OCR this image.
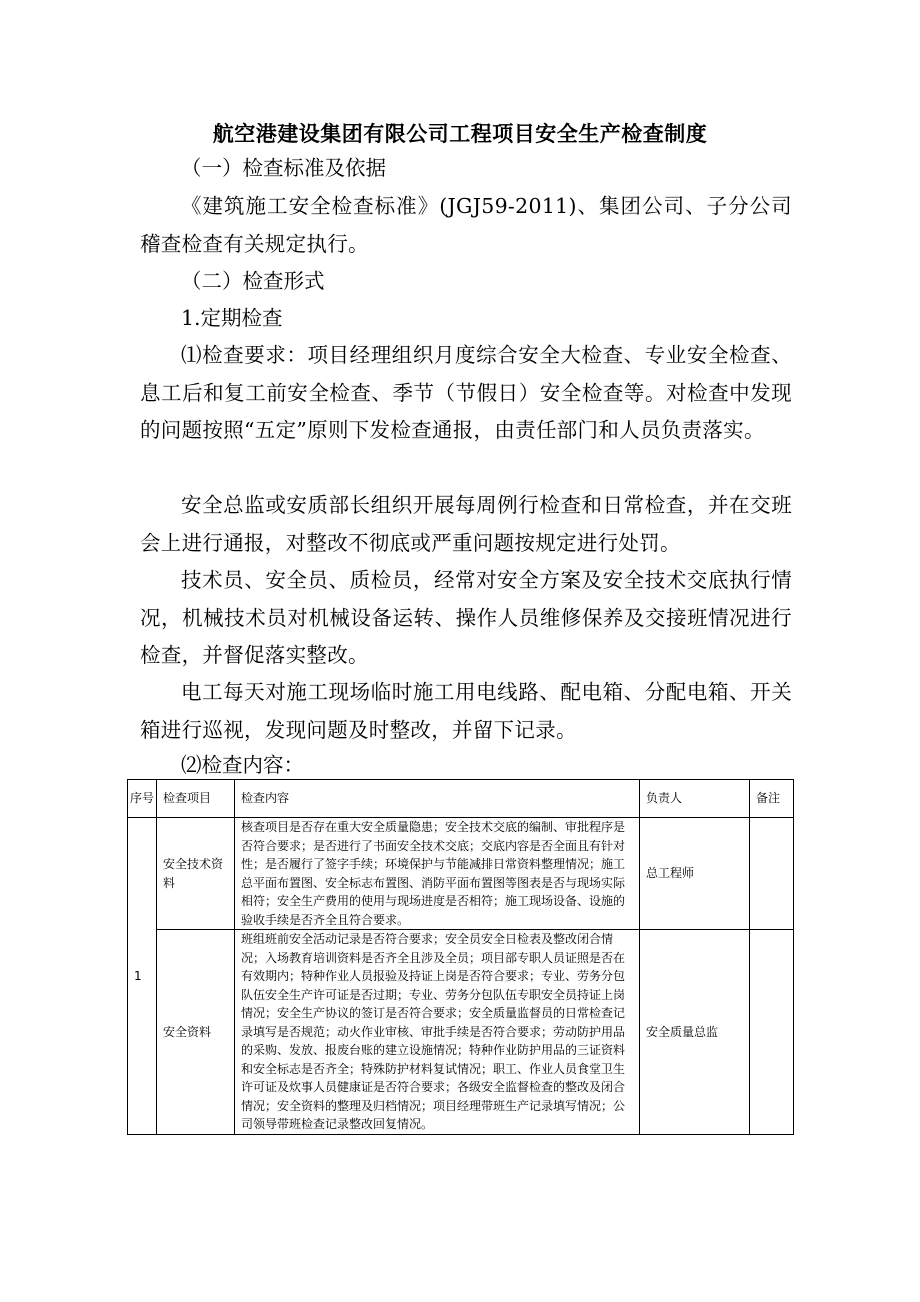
航空港建设集团有限公司工程项目安全生产检查制度

（一）检查标准及依据

《建筑施工安全检查标准》(JGJ59-2011)、集团公司、子分公司稽查检查有关规定执行。

（二）检查形式

1.定期检查

⑴检查要求：项目经理组织月度综合安全大检查、专业安全检查、息工后和复工前安全检查、季节（节假日）安全检查等。对检查中发现的问题按照“五定”原则下发检查通报，由责任部门和人员负责落实。

安全总监或安质部长组织开展每周例行检查和日常检查，并在交班会上进行通报，对整改不彻底或严重问题按规定进行处罚。

技术员、安全员、质检员，经常对安全方案及安全技术交底执行情况，机械技术员对机械设备运转、操作人员维修保养及交接班情况进行检查，并督促落实整改。

电工每天对施工现场临时施工用电线路、配电箱、分配电箱、开关箱进行巡视，发现问题及时整改，并留下记录。

⑵检查内容：

序号	检查项目	检查内容	负责人	备注
1	安全技术资料	核查项目是否存在重大安全质量隐患；安全技术交底的编制、审批程序是否符合要求；是否进行了书面安全技术交底；交底内容是否全面且有针对性；是否履行了签字手续；环境保护与节能减排日常资料整理情况；施工总平面布置图、安全标志布置图、消防平面布置图等图表是否与现场实际相符；安全生产费用的使用与现场进度是否相符；施工现场设备、设施的验收手续是否齐全且符合要求。	总工程师	
	安全资料	班组班前安全活动记录是否符合要求；安全员安全日检表及整改闭合情况；入场教育培训资料是否齐全且涉及全员；项目部专职人员证照是否在有效期内；特种作业人员报验及持证上岗是否符合要求；专业、劳务分包队伍安全生产许可证是否过期；专业、劳务分包队伍专职安全员持证上岗情况；安全生产协议的签订是否符合要求；安全质量监督员的日常检查记录填写是否规范；动火作业审核、审批手续是否符合要求；劳动防护用品的采购、发放、报废台账的建立设施情况；特种作业防护用品的三证资料和安全标志是否齐全；特殊防护材料复试情况；职工、作业人员食堂卫生许可证及炊事人员健康证是否符合要求；各级安全监督检查的整改及闭合情况；安全资料的整理及归档情况；项目经理带班生产记录填写情况；公司领导带班检查记录整改回复情况。	安全质量总监	
